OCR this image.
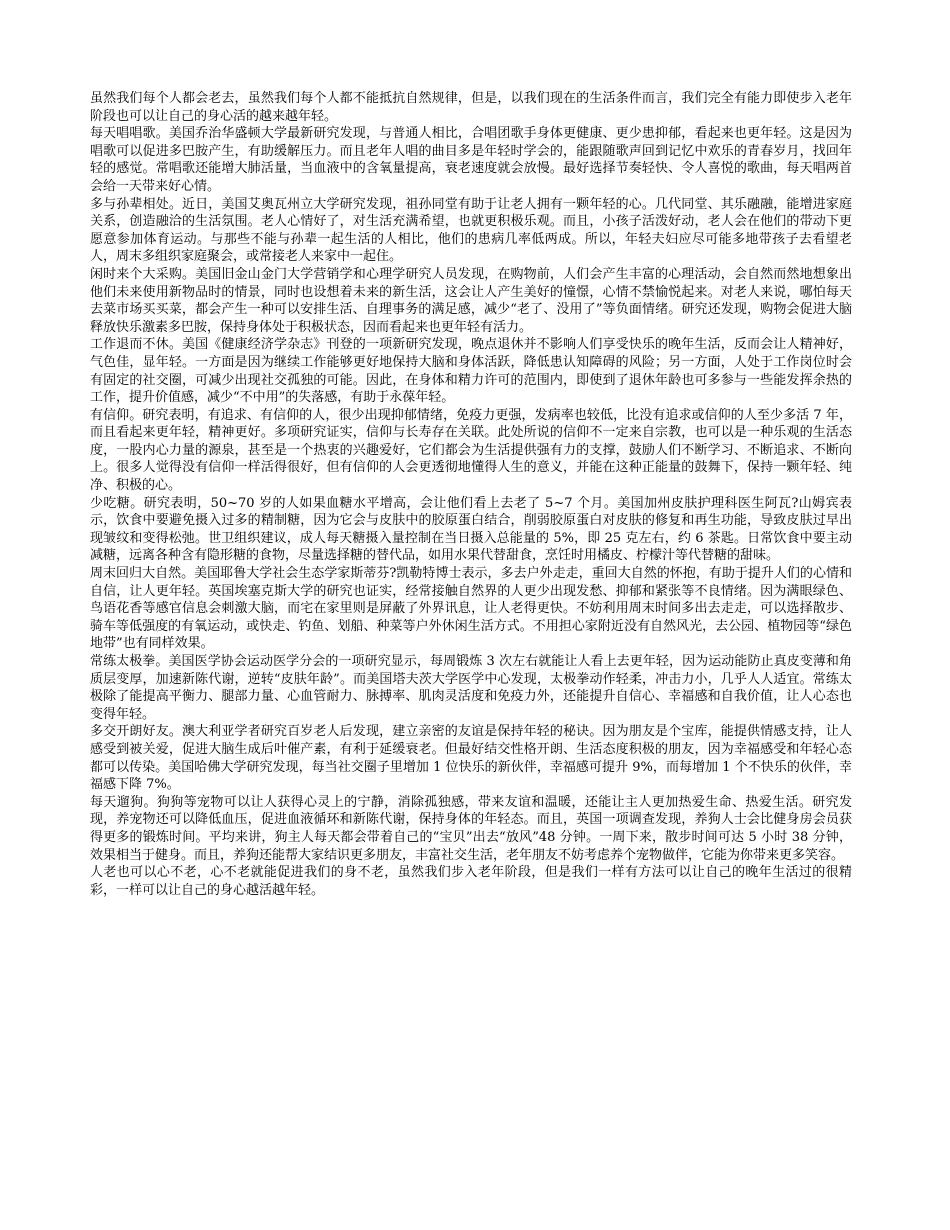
虽然我们每个人都会老去，虽然我们每个人都不能抵抗自然规律，但是，以我们现在的生活条件而言，我们完全有能力即使步入老年阶段也可以让自己的身心活的越来越年轻。

每天唱唱歌。美国乔治华盛顿大学最新研究发现，与普通人相比，合唱团歌手身体更健康、更少患抑郁，看起来也更年轻。这是因为唱歌可以促进多巴胺产生，有助缓解压力。而且老年人唱的曲目多是年轻时学会的，能跟随歌声回到记忆中欢乐的青春岁月，找回年轻的感觉。常唱歌还能增大肺活量，当血液中的含氧量提高，衰老速度就会放慢。最好选择节奏轻快、令人喜悦的歌曲，每天唱两首会给一天带来好心情。

多与孙辈相处。近日，美国艾奥瓦州立大学研究发现，祖孙同堂有助于让老人拥有一颗年轻的心。几代同堂、其乐融融，能增进家庭关系，创造融洽的生活氛围。老人心情好了，对生活充满希望，也就更积极乐观。而且，小孩子活泼好动，老人会在他们的带动下更愿意参加体育运动。与那些不能与孙辈一起生活的人相比，他们的患病几率低两成。所以，年轻夫妇应尽可能多地带孩子去看望老人，周末多组织家庭聚会，或常接老人来家中一起住。

闲时来个大采购。美国旧金山金门大学营销学和心理学研究人员发现，在购物前，人们会产生丰富的心理活动，会自然而然地想象出他们未来使用新物品时的情景，同时也设想着未来的新生活，这会让人产生美好的憧憬，心情不禁愉悦起来。对老人来说，哪怕每天去菜市场买买菜，都会产生一种可以安排生活、自理事务的满足感，减少“老了、没用了”等负面情绪。研究还发现，购物会促进大脑释放快乐激素多巴胺，保持身体处于积极状态，因而看起来也更年轻有活力。

工作退而不休。美国《健康经济学杂志》刊登的一项新研究发现，晚点退休并不影响人们享受快乐的晚年生活，反而会让人精神好，气色佳，显年轻。一方面是因为继续工作能够更好地保持大脑和身体活跃，降低患认知障碍的风险；另一方面，人处于工作岗位时会有固定的社交圈，可减少出现社交孤独的可能。因此，在身体和精力许可的范围内，即使到了退休年龄也可多参与一些能发挥余热的工作，提升价值感，减少“不中用”的失落感，有助于永葆年轻。

有信仰。研究表明，有追求、有信仰的人，很少出现抑郁情绪，免疫力更强，发病率也较低，比没有追求或信仰的人至少多活 7 年，而且看起来更年轻，精神更好。多项研究证实，信仰与长寿存在关联。此处所说的信仰不一定来自宗教，也可以是一种乐观的生活态度，一股内心力量的源泉，甚至是一个热衷的兴趣爱好，它们都会为生活提供强有力的支撑，鼓励人们不断学习、不断追求、不断向上。很多人觉得没有信仰一样活得很好，但有信仰的人会更透彻地懂得人生的意义，并能在这种正能量的鼓舞下，保持一颗年轻、纯净、积极的心。

少吃糖。研究表明，50~70 岁的人如果血糖水平增高，会让他们看上去老了 5~7 个月。美国加州皮肤护理科医生阿瓦?山姆宾表示，饮食中要避免摄入过多的精制糖，因为它会与皮肤中的胶原蛋白结合，削弱胶原蛋白对皮肤的修复和再生功能，导致皮肤过早出现皱纹和变得松弛。世卫组织建议，成人每天糖摄入量控制在当日摄入总能量的 5%，即 25 克左右，约 6 茶匙。日常饮食中要主动减糖，远离各种含有隐形糖的食物，尽量选择糖的替代品，如用水果代替甜食，烹饪时用橘皮、柠檬汁等代替糖的甜味。

周末回归大自然。美国耶鲁大学社会生态学家斯蒂芬?凯勒特博士表示，多去户外走走，重回大自然的怀抱，有助于提升人们的心情和自信，让人更年轻。英国埃塞克斯大学的研究也证实，经常接触自然界的人更少出现发愁、抑郁和紧张等不良情绪。因为满眼绿色、鸟语花香等感官信息会刺激大脑，而宅在家里则是屏蔽了外界讯息，让人老得更快。不妨利用周末时间多出去走走，可以选择散步、骑车等低强度的有氧运动，或快走、钓鱼、划船、种菜等户外休闲生活方式。不用担心家附近没有自然风光，去公园、植物园等“绿色地带”也有同样效果。

常练太极拳。美国医学协会运动医学分会的一项研究显示，每周锻炼 3 次左右就能让人看上去更年轻，因为运动能防止真皮变薄和角质层变厚，加速新陈代谢，逆转“皮肤年龄”。而美国塔夫茨大学医学中心发现，太极拳动作轻柔，冲击力小，几乎人人适宜。常练太极除了能提高平衡力、腿部力量、心血管耐力、脉搏率、肌肉灵活度和免疫力外，还能提升自信心、幸福感和自我价值，让人心态也变得年轻。

多交开朗好友。澳大利亚学者研究百岁老人后发现，建立亲密的友谊是保持年轻的秘诀。因为朋友是个宝库，能提供情感支持，让人感受到被关爱，促进大脑生成后叶催产素，有利于延缓衰老。但最好结交性格开朗、生活态度积极的朋友，因为幸福感受和年轻心态都可以传染。美国哈佛大学研究发现，每当社交圈子里增加 1 位快乐的新伙伴，幸福感可提升 9%，而每增加 1 个不快乐的伙伴，幸福感下降 7%。

每天遛狗。狗狗等宠物可以让人获得心灵上的宁静，消除孤独感，带来友谊和温暖，还能让主人更加热爱生命、热爱生活。研究发现，养宠物还可以降低血压，促进血液循环和新陈代谢，保持身体的年轻态。而且，英国一项调查发现，养狗人士会比健身房会员获得更多的锻炼时间。平均来讲，狗主人每天都会带着自己的“宝贝”出去“放风”48 分钟。一周下来，散步时间可达 5 小时 38 分钟，效果相当于健身。而且，养狗还能帮大家结识更多朋友，丰富社交生活，老年朋友不妨考虑养个宠物做伴，它能为你带来更多笑容。

人老也可以心不老，心不老就能促进我们的身不老，虽然我们步入老年阶段，但是我们一样有方法可以让自己的晚年生活过的很精彩，一样可以让自己的身心越活越年轻。
